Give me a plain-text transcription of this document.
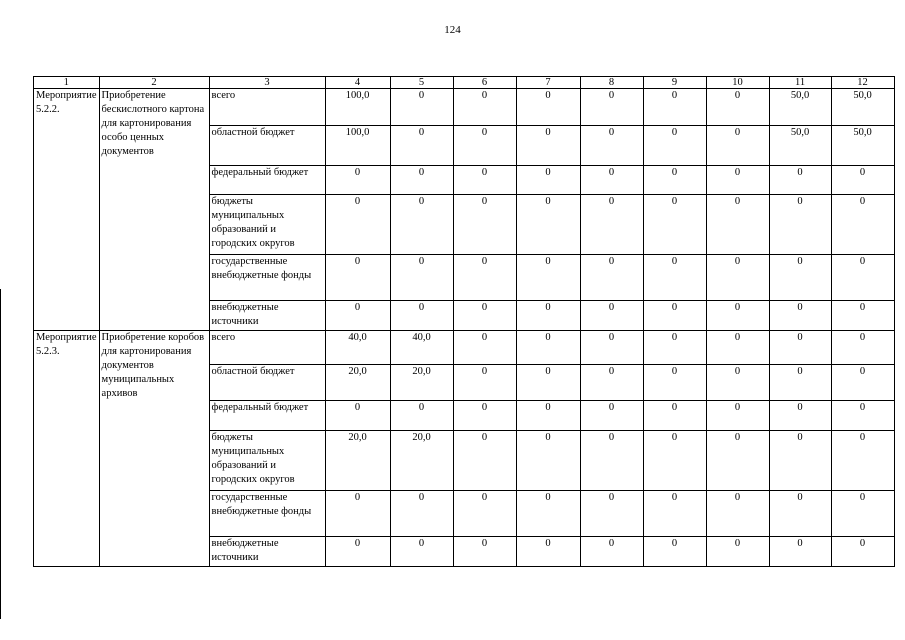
124
1	2	3	4	5	6	7	8	9	10	11	12
Мероприятие 5.2.2.	Приобретение бескислотного картона для картонирования особо ценных документов	всего	100,0	0	0	0	0	0	0	50,0	50,0
		областной бюджет	100,0	0	0	0	0	0	0	50,0	50,0
		федеральный бюджет	0	0	0	0	0	0	0	0	0
		бюджеты муниципальных образований и городских округов	0	0	0	0	0	0	0	0	0
		государственные внебюджетные фонды	0	0	0	0	0	0	0	0	0
		внебюджетные источники	0	0	0	0	0	0	0	0	0
Мероприятие 5.2.3.	Приобретение коробов для картонирования документов муниципальных архивов	всего	40,0	40,0	0	0	0	0	0	0	0
		областной бюджет	20,0	20,0	0	0	0	0	0	0	0
		федеральный бюджет	0	0	0	0	0	0	0	0	0
		бюджеты муниципальных образований и городских округов	20,0	20,0	0	0	0	0	0	0	0
		государственные внебюджетные фонды	0	0	0	0	0	0	0	0	0
		внебюджетные источники	0	0	0	0	0	0	0	0	0
